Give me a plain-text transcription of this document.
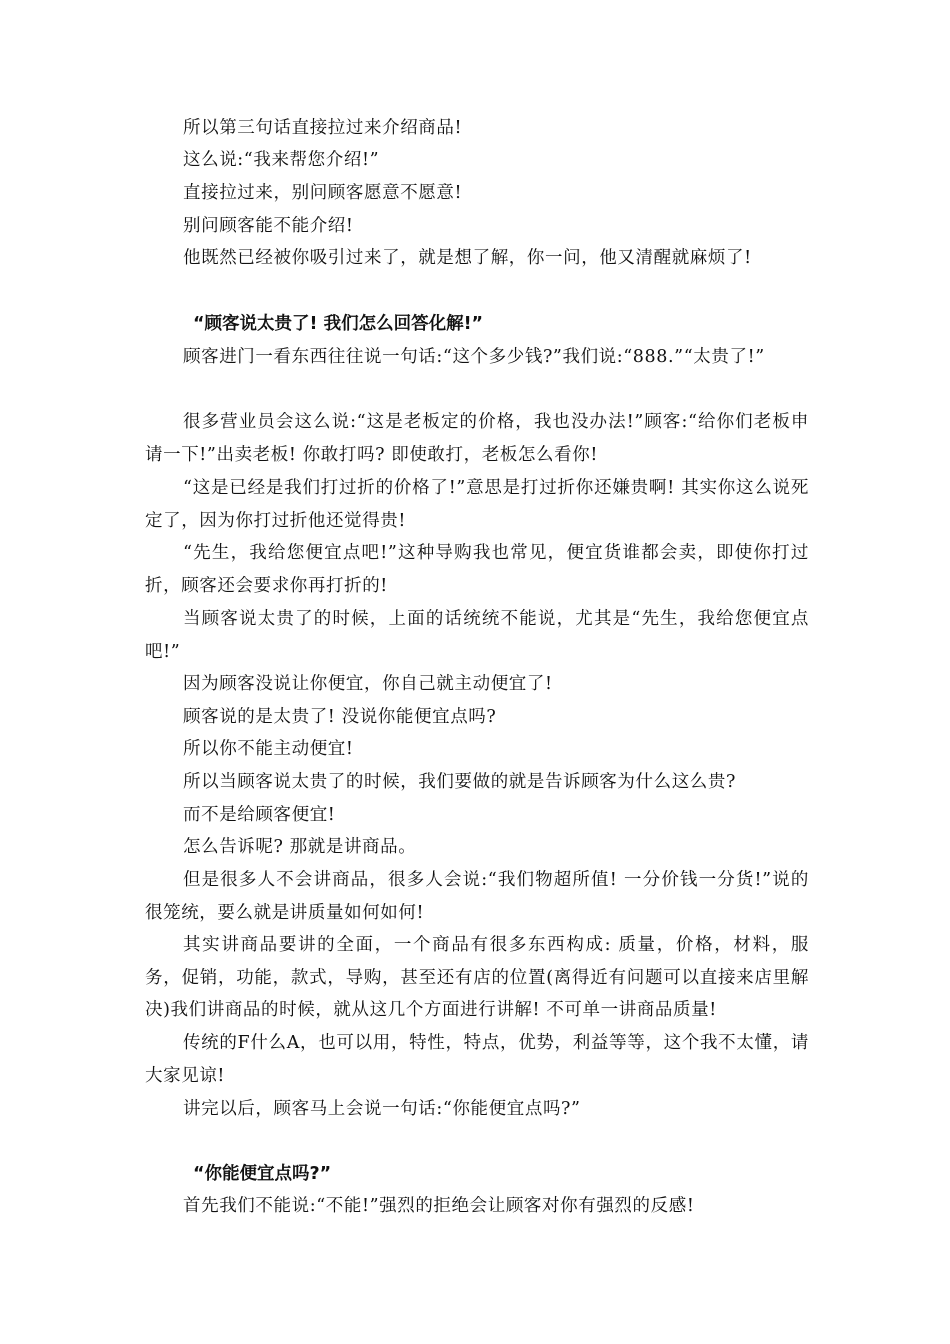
所以第三句话直接拉过来介绍商品!
这么说:“我来帮您介绍!”
直接拉过来，别问顾客愿意不愿意!
别问顾客能不能介绍!
他既然已经被你吸引过来了，就是想了解，你一问，他又清醒就麻烦了!
“顾客说太贵了! 我们怎么回答化解!”
顾客进门一看东西往往说一句话:“这个多少钱?”我们说:“888.”“太贵了!”
很多营业员会这么说:“这是老板定的价格，我也没办法!”顾客:“给你们老板申请一下!”出卖老板! 你敢打吗? 即使敢打，老板怎么看你!
“这是已经是我们打过折的价格了!”意思是打过折你还嫌贵啊! 其实你这么说死定了，因为你打过折他还觉得贵!
“先生，我给您便宜点吧!”这种导购我也常见，便宜货谁都会卖，即使你打过折，顾客还会要求你再打折的!
当顾客说太贵了的时候，上面的话统统不能说，尤其是“先生，我给您便宜点吧!”
因为顾客没说让你便宜，你自己就主动便宜了!
顾客说的是太贵了! 没说你能便宜点吗?
所以你不能主动便宜!
所以当顾客说太贵了的时候，我们要做的就是告诉顾客为什么这么贵?
而不是给顾客便宜!
怎么告诉呢? 那就是讲商品。
但是很多人不会讲商品，很多人会说:“我们物超所值! 一分价钱一分货!”说的很笼统，要么就是讲质量如何如何!
其实讲商品要讲的全面，一个商品有很多东西构成: 质量，价格，材料，服务，促销，功能，款式，导购，甚至还有店的位置(离得近有问题可以直接来店里解决)我们讲商品的时候，就从这几个方面进行讲解! 不可单一讲商品质量!
传统的F什么A，也可以用，特性，特点，优势，利益等等，这个我不太懂，请大家见谅!
讲完以后，顾客马上会说一句话:“你能便宜点吗?”
“你能便宜点吗?”
首先我们不能说:“不能!”强烈的拒绝会让顾客对你有强烈的反感!
